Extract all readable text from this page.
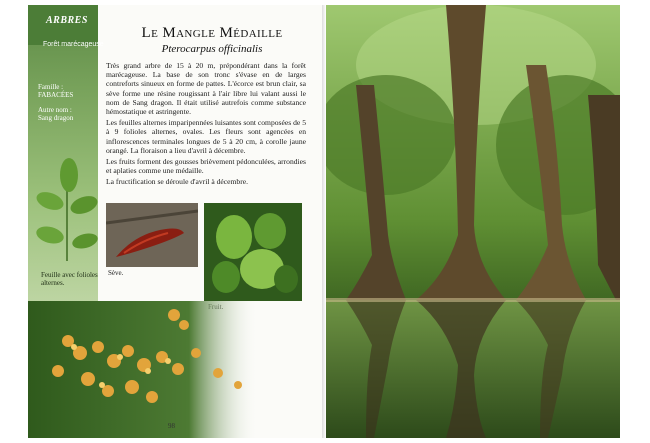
ARBRES
Forêt marécageuse
Famille :
FABACÉES
Autre nom :
Sang dragon
Feuille avec folioles alternes.
Le Mangle Médaille
Pterocarpus officinalis

Très grand arbre de 15 à 20 m, prépondérant dans la forêt marécageuse. La base de son tronc s'évase en de larges contreforts sinueux en forme de pattes. L'écorce est brun clair, sa sève forme une résine rougissant à l'air libre lui valant aussi le nom de Sang dragon. Il était utilisé autrefois comme substance hémostatique et astringente.

Les feuilles alternes imparipennées luisantes sont composées de 5 à 9 folioles alternes, ovales. Les fleurs sont agencées en inflorescences terminales longues de 5 à 20 cm, à corolle jaune orangé. La floraison a lieu d'avril à décembre.

Les fruits forment des gousses brièvement pédonculées, arrondies et aplaties comme une médaille.

La fructification se déroule d'avril à décembre.

Sève.
98
